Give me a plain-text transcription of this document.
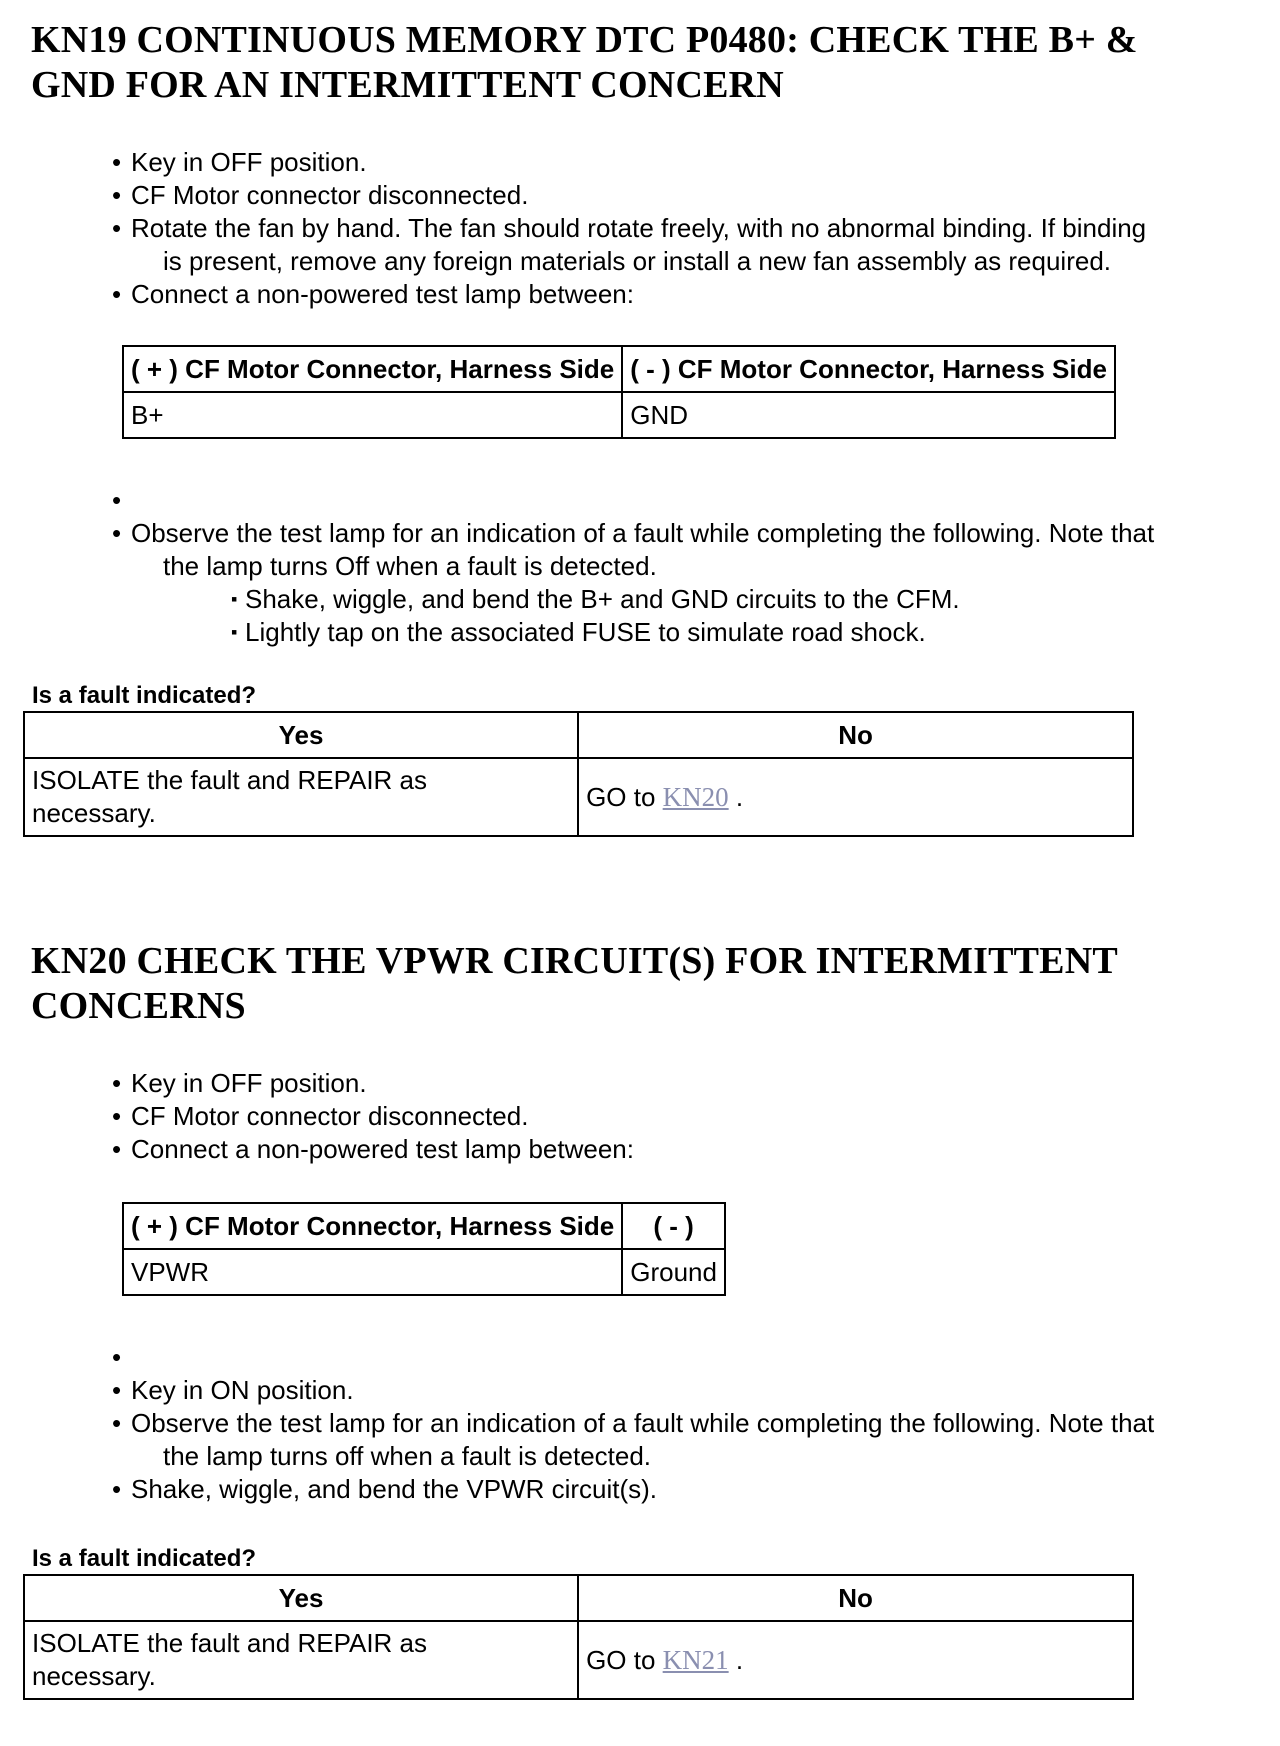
KN19 CONTINUOUS MEMORY DTC P0480: CHECK THE B+ & GND FOR AN INTERMITTENT CONCERN
• Key in OFF position.
• CF Motor connector disconnected.
• Rotate the fan by hand. The fan should rotate freely, with no abnormal binding. If binding
is present, remove any foreign materials or install a new fan assembly as required.
• Connect a non-powered test lamp between:
( + ) CF Motor Connector, Harness Side	( - ) CF Motor Connector, Harness Side
B+	GND
•
• Observe the test lamp for an indication of a fault while completing the following. Note that
the lamp turns Off when a fault is detected.
▪ Shake, wiggle, and bend the B+ and GND circuits to the CFM.
▪ Lightly tap on the associated FUSE to simulate road shock.
Is a fault indicated?
Yes	No
ISOLATE the fault and REPAIR as
necessary.	GO to KN20 .
KN20 CHECK THE VPWR CIRCUIT(S) FOR INTERMITTENT CONCERNS
• Key in OFF position.
• CF Motor connector disconnected.
• Connect a non-powered test lamp between:
( + ) CF Motor Connector, Harness Side	( - )
VPWR	Ground
•
• Key in ON position.
• Observe the test lamp for an indication of a fault while completing the following. Note that
the lamp turns off when a fault is detected.
• Shake, wiggle, and bend the VPWR circuit(s).
Is a fault indicated?
Yes	No
ISOLATE the fault and REPAIR as
necessary.	GO to KN21 .
